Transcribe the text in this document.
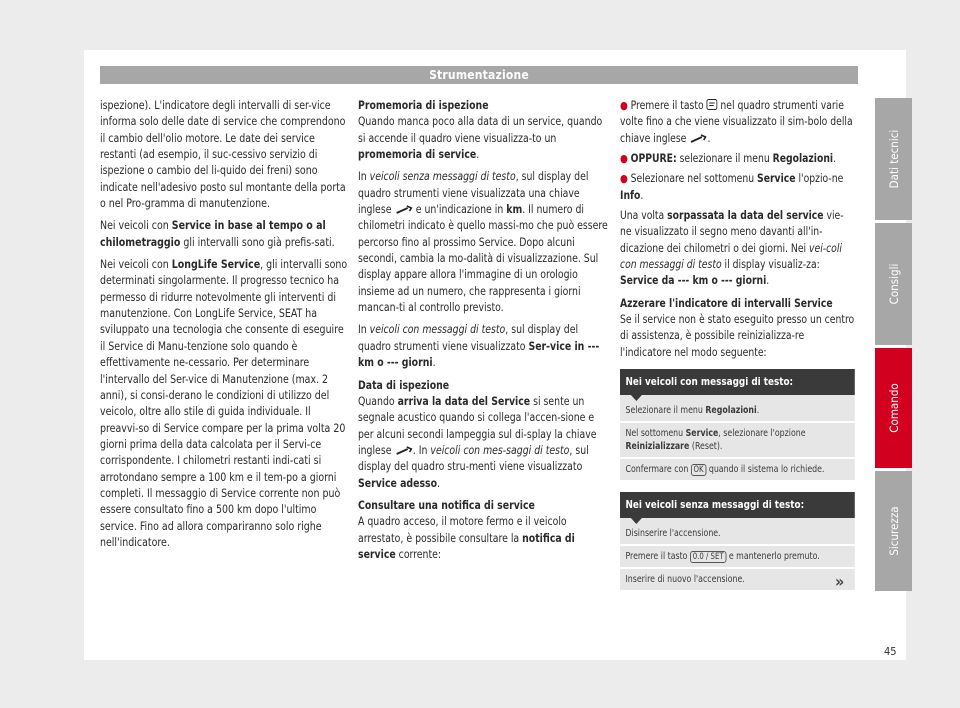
Strumentazione

ispezione). L'indicatore degli intervalli di ser-vice informa solo delle date di service che comprendono il cambio dell'olio motore. Le date dei service restanti (ad esempio, il suc-cessivo servizio di ispezione o cambio del li-quido dei freni) sono indicate nell'adesivo posto sul montante della porta o nel Pro-gramma di manutenzione.

Nei veicoli con Service in base al tempo o al chilometraggio gli intervalli sono già prefis-sati.

Nei veicoli con LongLife Service, gli intervalli sono determinati singolarmente. Il progresso tecnico ha permesso di ridurre notevolmente gli interventi di manutenzione. Con LongLife Service, SEAT ha sviluppato una tecnologia che consente di eseguire il Service di Manu-tenzione solo quando è effettivamente ne-cessario. Per determinare l'intervallo del Ser-vice di Manutenzione (max. 2 anni), si consi-derano le condizioni di utilizzo del veicolo, oltre allo stile di guida individuale. Il preavvi-so di Service compare per la prima volta 20 giorni prima della data calcolata per il Servi-ce corrispondente. I chilometri restanti indi-cati si arrotondano sempre a 100 km e il tem-po a giorni completi. Il messaggio di Service corrente non può essere consultato fino a 500 km dopo l'ultimo service. Fino ad allora compariranno solo righe nell'indicatore.

Promemoria di ispezione

Quando manca poco alla data di un service, quando si accende il quadro viene visualizza-to un promemoria di service.

In veicoli senza messaggi di testo, sul display del quadro strumenti viene visualizzata una chiave inglese  e un'indicazione in km. Il numero di chilometri indicato è quello massi-mo che può essere percorso fino al prossimo Service. Dopo alcuni secondi, cambia la mo-dalità di visualizzazione. Sul display appare allora l'immagine di un orologio insieme ad un numero, che rappresenta i giorni mancan-ti al controllo previsto.

In veicoli con messaggi di testo, sul display del quadro strumenti viene visualizzato Ser-vice in --- km o --- giorni.

Data di ispezione

Quando arriva la data del Service si sente un segnale acustico quando si collega l'accen-sione e per alcuni secondi lampeggia sul di-splay la chiave inglese . In veicoli con mes-saggi di testo, sul display del quadro stru-menti viene visualizzato Service adesso.

Consultare una notifica di service

A quadro acceso, il motore fermo e il veicolo arrestato, è possibile consultare la notifica di service corrente:

● Premere il tasto  nel quadro strumenti varie volte fino a che viene visualizzato il sim-bolo della chiave inglese .
● OPPURE: selezionare il menu Regolazioni.
● Selezionare nel sottomenu Service l'opzio-ne Info.

Una volta sorpassata la data del service vie-ne visualizzato il segno meno davanti all'in-dicazione dei chilometri o dei giorni. Nei vei-coli con messaggi di testo il display visualiz-za: Service da --- km o --- giorni.

Azzerare l'indicatore di intervalli Service

Se il service non è stato eseguito presso un centro di assistenza, è possibile reinizializza-re l'indicatore nel modo seguente:

Nei veicoli con messaggi di testo:
Selezionare il menu Regolazioni.
Nel sottomenu Service, selezionare l'opzione Reinizializzare (Reset).
Confermare con OK quando il sistema lo richiede.
Nei veicoli senza messaggi di testo:
Disinserire l'accensione.
Premere il tasto 0.0 / SET e mantenerlo premuto.
Inserire di nuovo l'accensione.	»
Dati tecnici
Consigli
Comando
Sicurezza
45
